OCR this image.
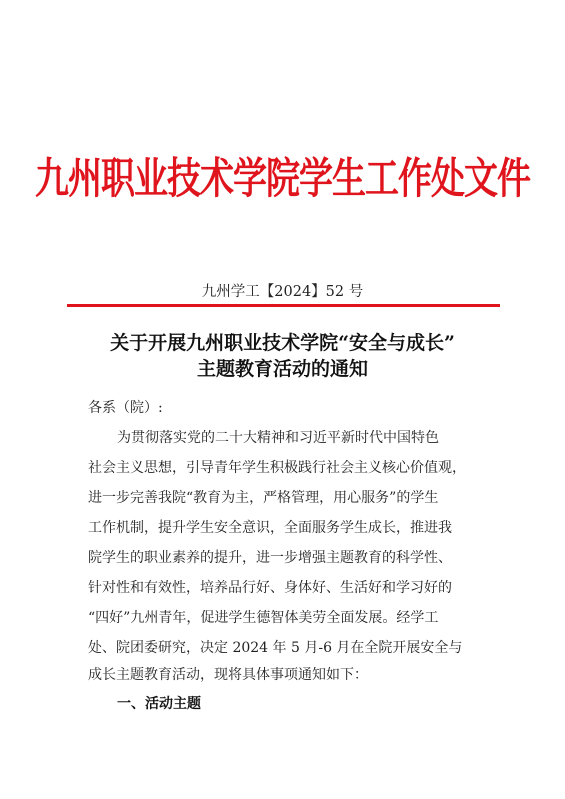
九州职业技术学院学生工作处文件
九州学工【2024】52 号
关于开展九州职业技术学院“安全与成长”
主题教育活动的通知
各系（院）:
为贯彻落实党的二十大精神和习近平新时代中国特色
社会主义思想，引导青年学生积极践行社会主义核心价值观，
进一步完善我院“教育为主，严格管理，用心服务”的学生
工作机制，提升学生安全意识，全面服务学生成长，推进我
院学生的职业素养的提升，进一步增强主题教育的科学性、
针对性和有效性，培养品行好、身体好、生活好和学习好的
“四好”九州青年，促进学生德智体美劳全面发展。经学工
处、院团委研究，决定 2024 年 5 月-6 月在全院开展安全与
成长主题教育活动，现将具体事项通知如下：
一、活动主题
